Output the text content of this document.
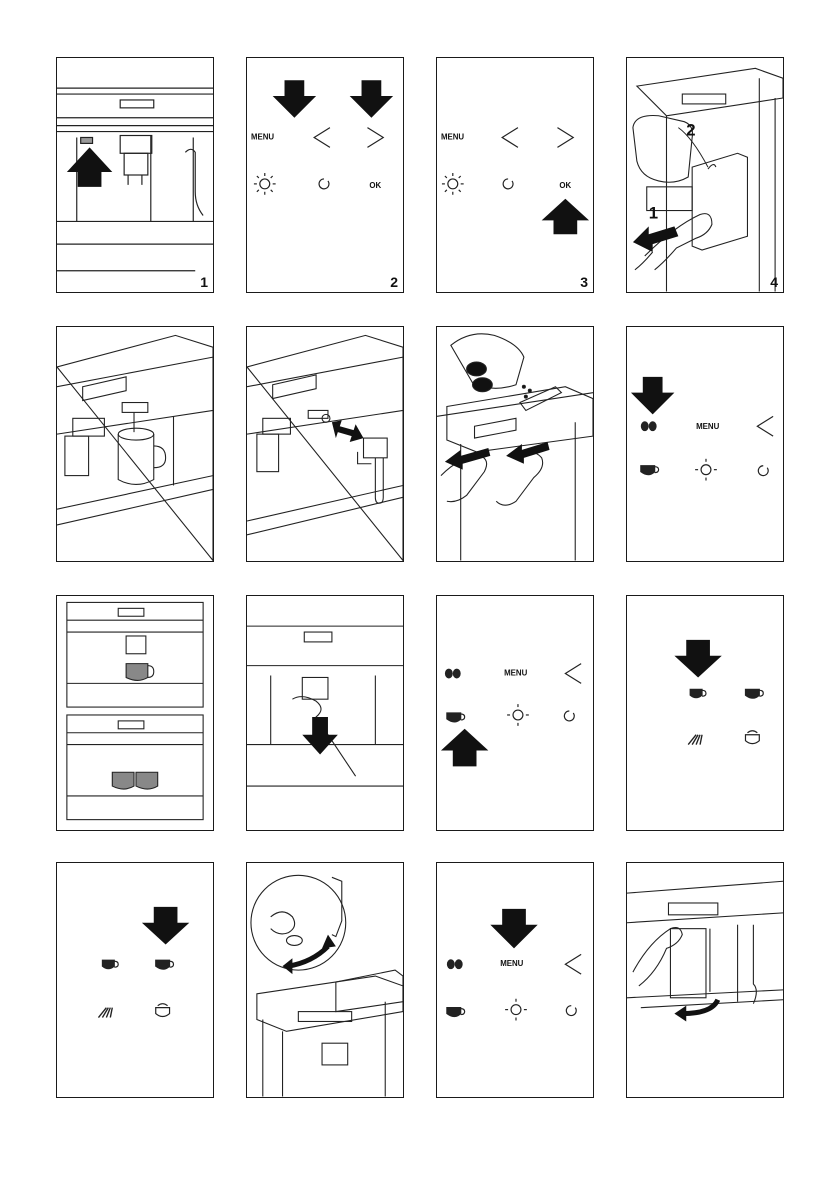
1
MENU
OK
2
MENU
OK
3
2
1
4
MENU
MENU
MENU
